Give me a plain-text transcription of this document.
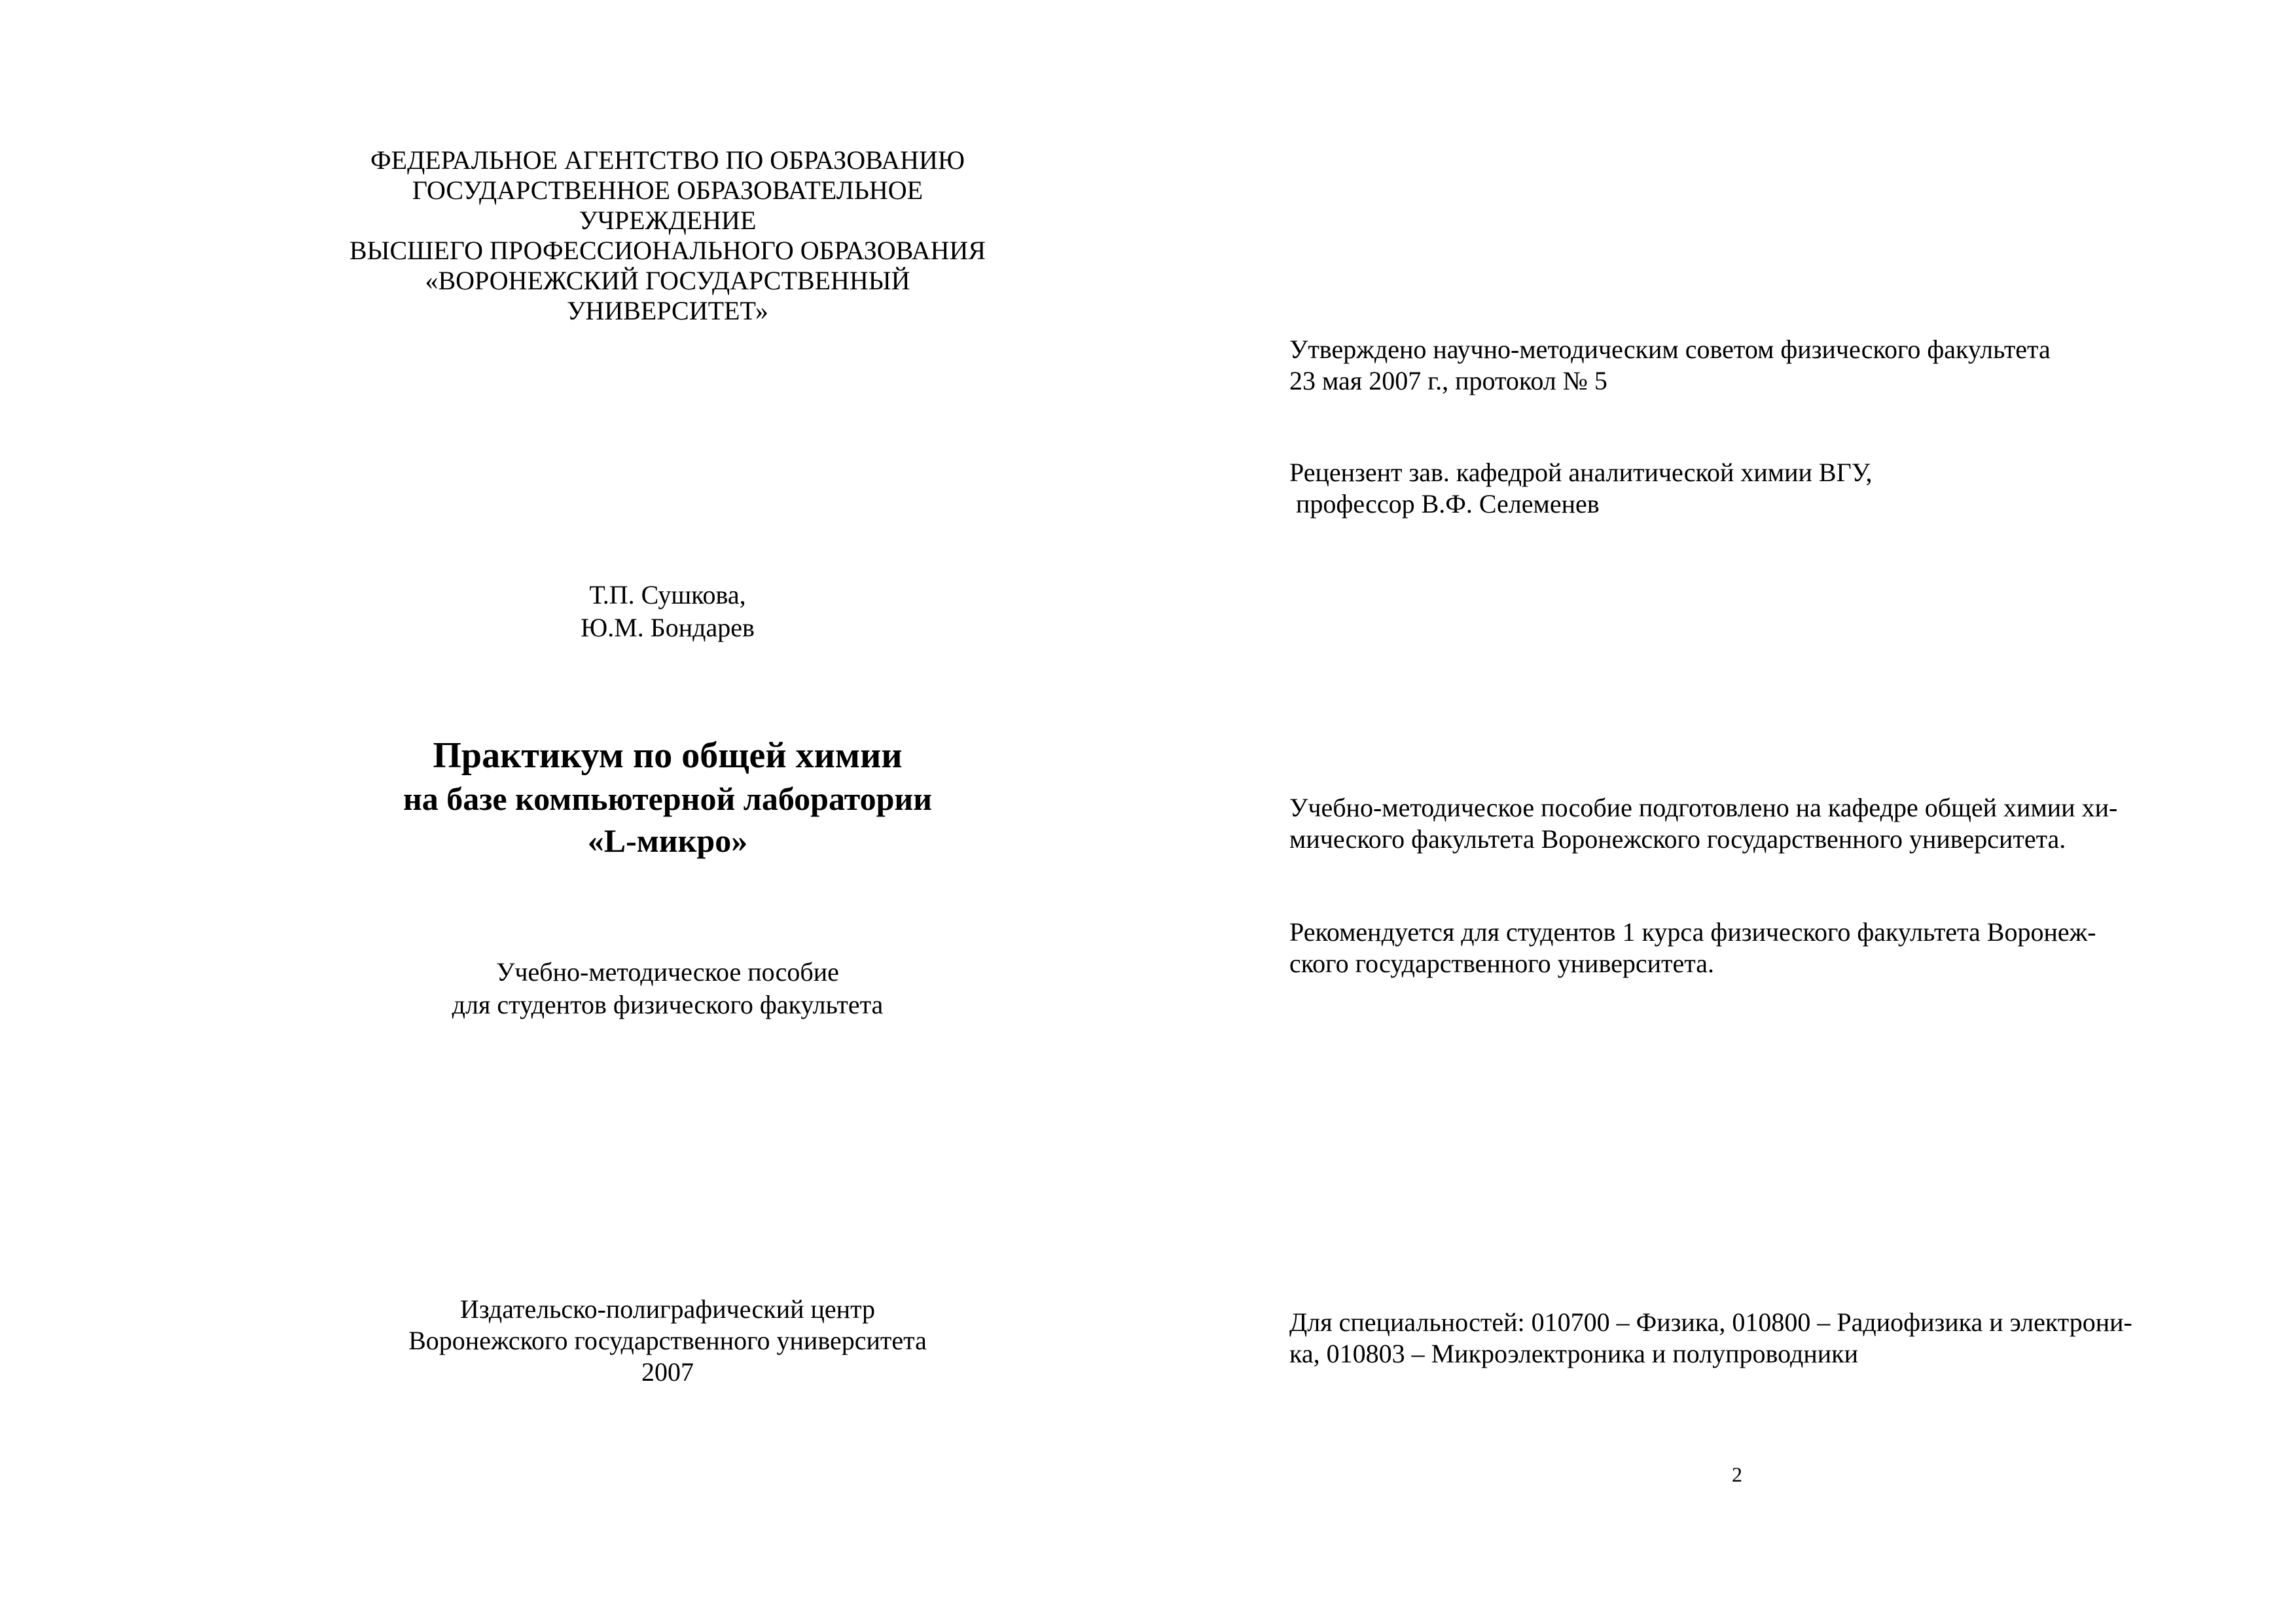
ФЕДЕРАЛЬНОЕ АГЕНТСТВО ПО ОБРАЗОВАНИЮ
ГОСУДАРСТВЕННОЕ ОБРАЗОВАТЕЛЬНОЕ
УЧРЕЖДЕНИЕ
ВЫСШЕГО ПРОФЕССИОНАЛЬНОГО ОБРАЗОВАНИЯ
«ВОРОНЕЖСКИЙ ГОСУДАРСТВЕННЫЙ
УНИВЕРСИТЕТ»
Т.П. Сушкова,
Ю.М. Бондарев
Практикум по общей химии
на базе компьютерной лаборатории
«L-микро»
Учебно-методическое пособие
для студентов физического факультета
Издательско-полиграфический центр
Воронежского государственного университета
2007
Утверждено научно-методическим советом физического факультета
23 мая 2007 г., протокол № 5
Рецензент зав. кафедрой аналитической химии ВГУ,
профессор В.Ф. Селеменев
Учебно-методическое пособие подготовлено на кафедре общей химии хи-
мического факультета Воронежского государственного университета.
Рекомендуется для студентов 1 курса физического факультета Воронеж-
ского государственного университета.
Для специальностей: 010700 – Физика, 010800 – Радиофизика и электрони-
ка, 010803 – Микроэлектроника и полупроводники
2
